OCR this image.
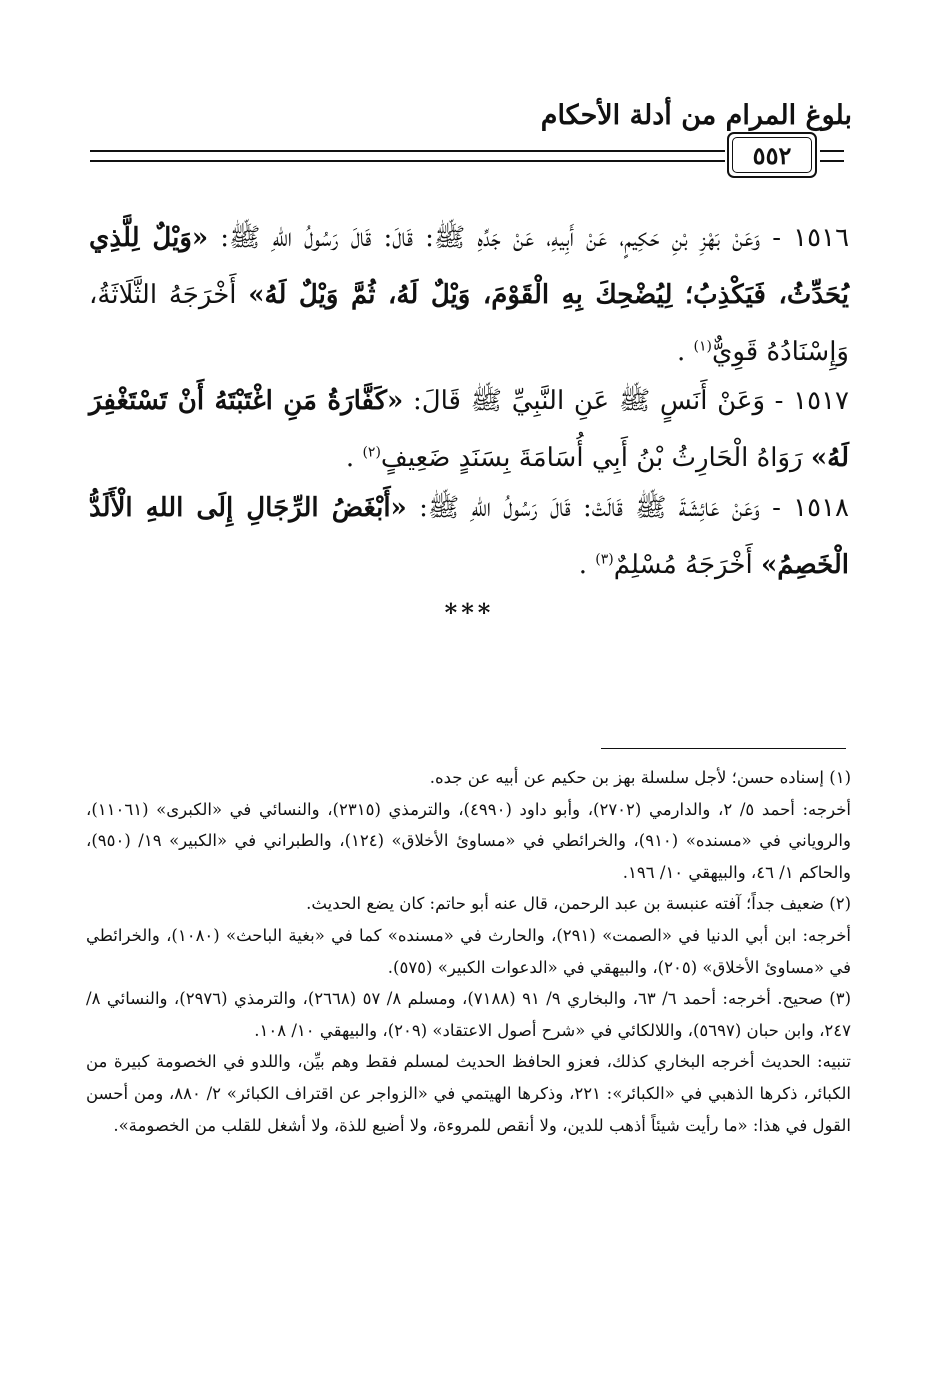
بلوغ المرام من أدلة الأحكام
٥٥٢
١٥١٦ - وَعَنْ بَهْزِ بْنِ حَكِيمٍ، عَنْ أَبِيهِ، عَنْ جَدِّهِ ﷺ: قَالَ: قَالَ رَسُولُ اللهِ ﷺ: «وَيْلٌ لِلَّذِي يُحَدِّثُ، فَيَكْذِبُ؛ لِيُضْحِكَ بِهِ الْقَوْمَ، وَيْلٌ لَهُ، ثُمَّ وَيْلٌ لَهُ» أَخْرَجَهُ الثَّلَاثَةُ، وَإِسْنَادُهُ قَوِيٌّ$^{(١)}$ .
١٥١٧ - وَعَنْ أَنَسٍ ﷺ عَنِ النَّبِيِّ ﷺ قَالَ: «كَفَّارَةُ مَنِ اغْتَبْتَهُ أَنْ تَسْتَغْفِرَ لَهُ» رَوَاهُ الْحَارِثُ بْنُ أَبِي أُسَامَةَ بِسَنَدٍ ضَعِيفٍ$^{(٢)}$ .
١٥١٨ - وَعَنْ عَائِشَةَ ﷺ قَالَتْ: قَالَ رَسُولُ اللهِ ﷺ: «أَبْغَضُ الرِّجَالِ إِلَى اللهِ الْأَلَدُّ الْخَصِمُ» أَخْرَجَهُ مُسْلِمٌ$^{(٣)}$ .
***

(١) إسناده حسن؛ لأجل سلسلة بهز بن حكيم عن أبيه عن جده.

أخرجه: أحمد ٥/ ٢، والدارمي (٢٧٠٢)، وأبو داود (٤٩٩٠)، والترمذي (٢٣١٥)، والنسائي في «الكبرى» (١١٠٦١)، والروياني في «مسنده» (٩١٠)، والخرائطي في «مساوئ الأخلاق» (١٢٤)، والطبراني في «الكبير» ١٩/ (٩٥٠)، والحاكم ١/ ٤٦، والبيهقي ١٠/ ١٩٦.

(٢) ضعيف جداً؛ آفته عنبسة بن عبد الرحمن، قال عنه أبو حاتم: كان يضع الحديث.

أخرجه: ابن أبي الدنيا في «الصمت» (٢٩١)، والحارث في «مسنده» كما في «بغية الباحث» (١٠٨٠)، والخرائطي في «مساوئ الأخلاق» (٢٠٥)، والبيهقي في «الدعوات الكبير» (٥٧٥).

(٣) صحيح. أخرجه: أحمد ٦/ ٦٣، والبخاري ٩/ ٩١ (٧١٨٨)، ومسلم ٨/ ٥٧ (٢٦٦٨)، والترمذي (٢٩٧٦)، والنسائي ٨/ ٢٤٧، وابن حبان (٥٦٩٧)، واللالكائي في «شرح أصول الاعتقاد» (٢٠٩)، والبيهقي ١٠/ ١٠٨.

تنبيه: الحديث أخرجه البخاري كذلك، فعزو الحافظ الحديث لمسلم فقط وهم بيِّن، واللدو في الخصومة كبيرة من الكبائر، ذكرها الذهبي في «الكبائر»: ٢٢١، وذكرها الهيتمي في «الزواجر عن اقتراف الكبائر» ٢/ ٨٨٠، ومن أحسن القول في هذا: «ما رأيت شيئاً أذهب للدين، ولا أنقص للمروءة، ولا أضيع للذة، ولا أشغل للقلب من الخصومة».
